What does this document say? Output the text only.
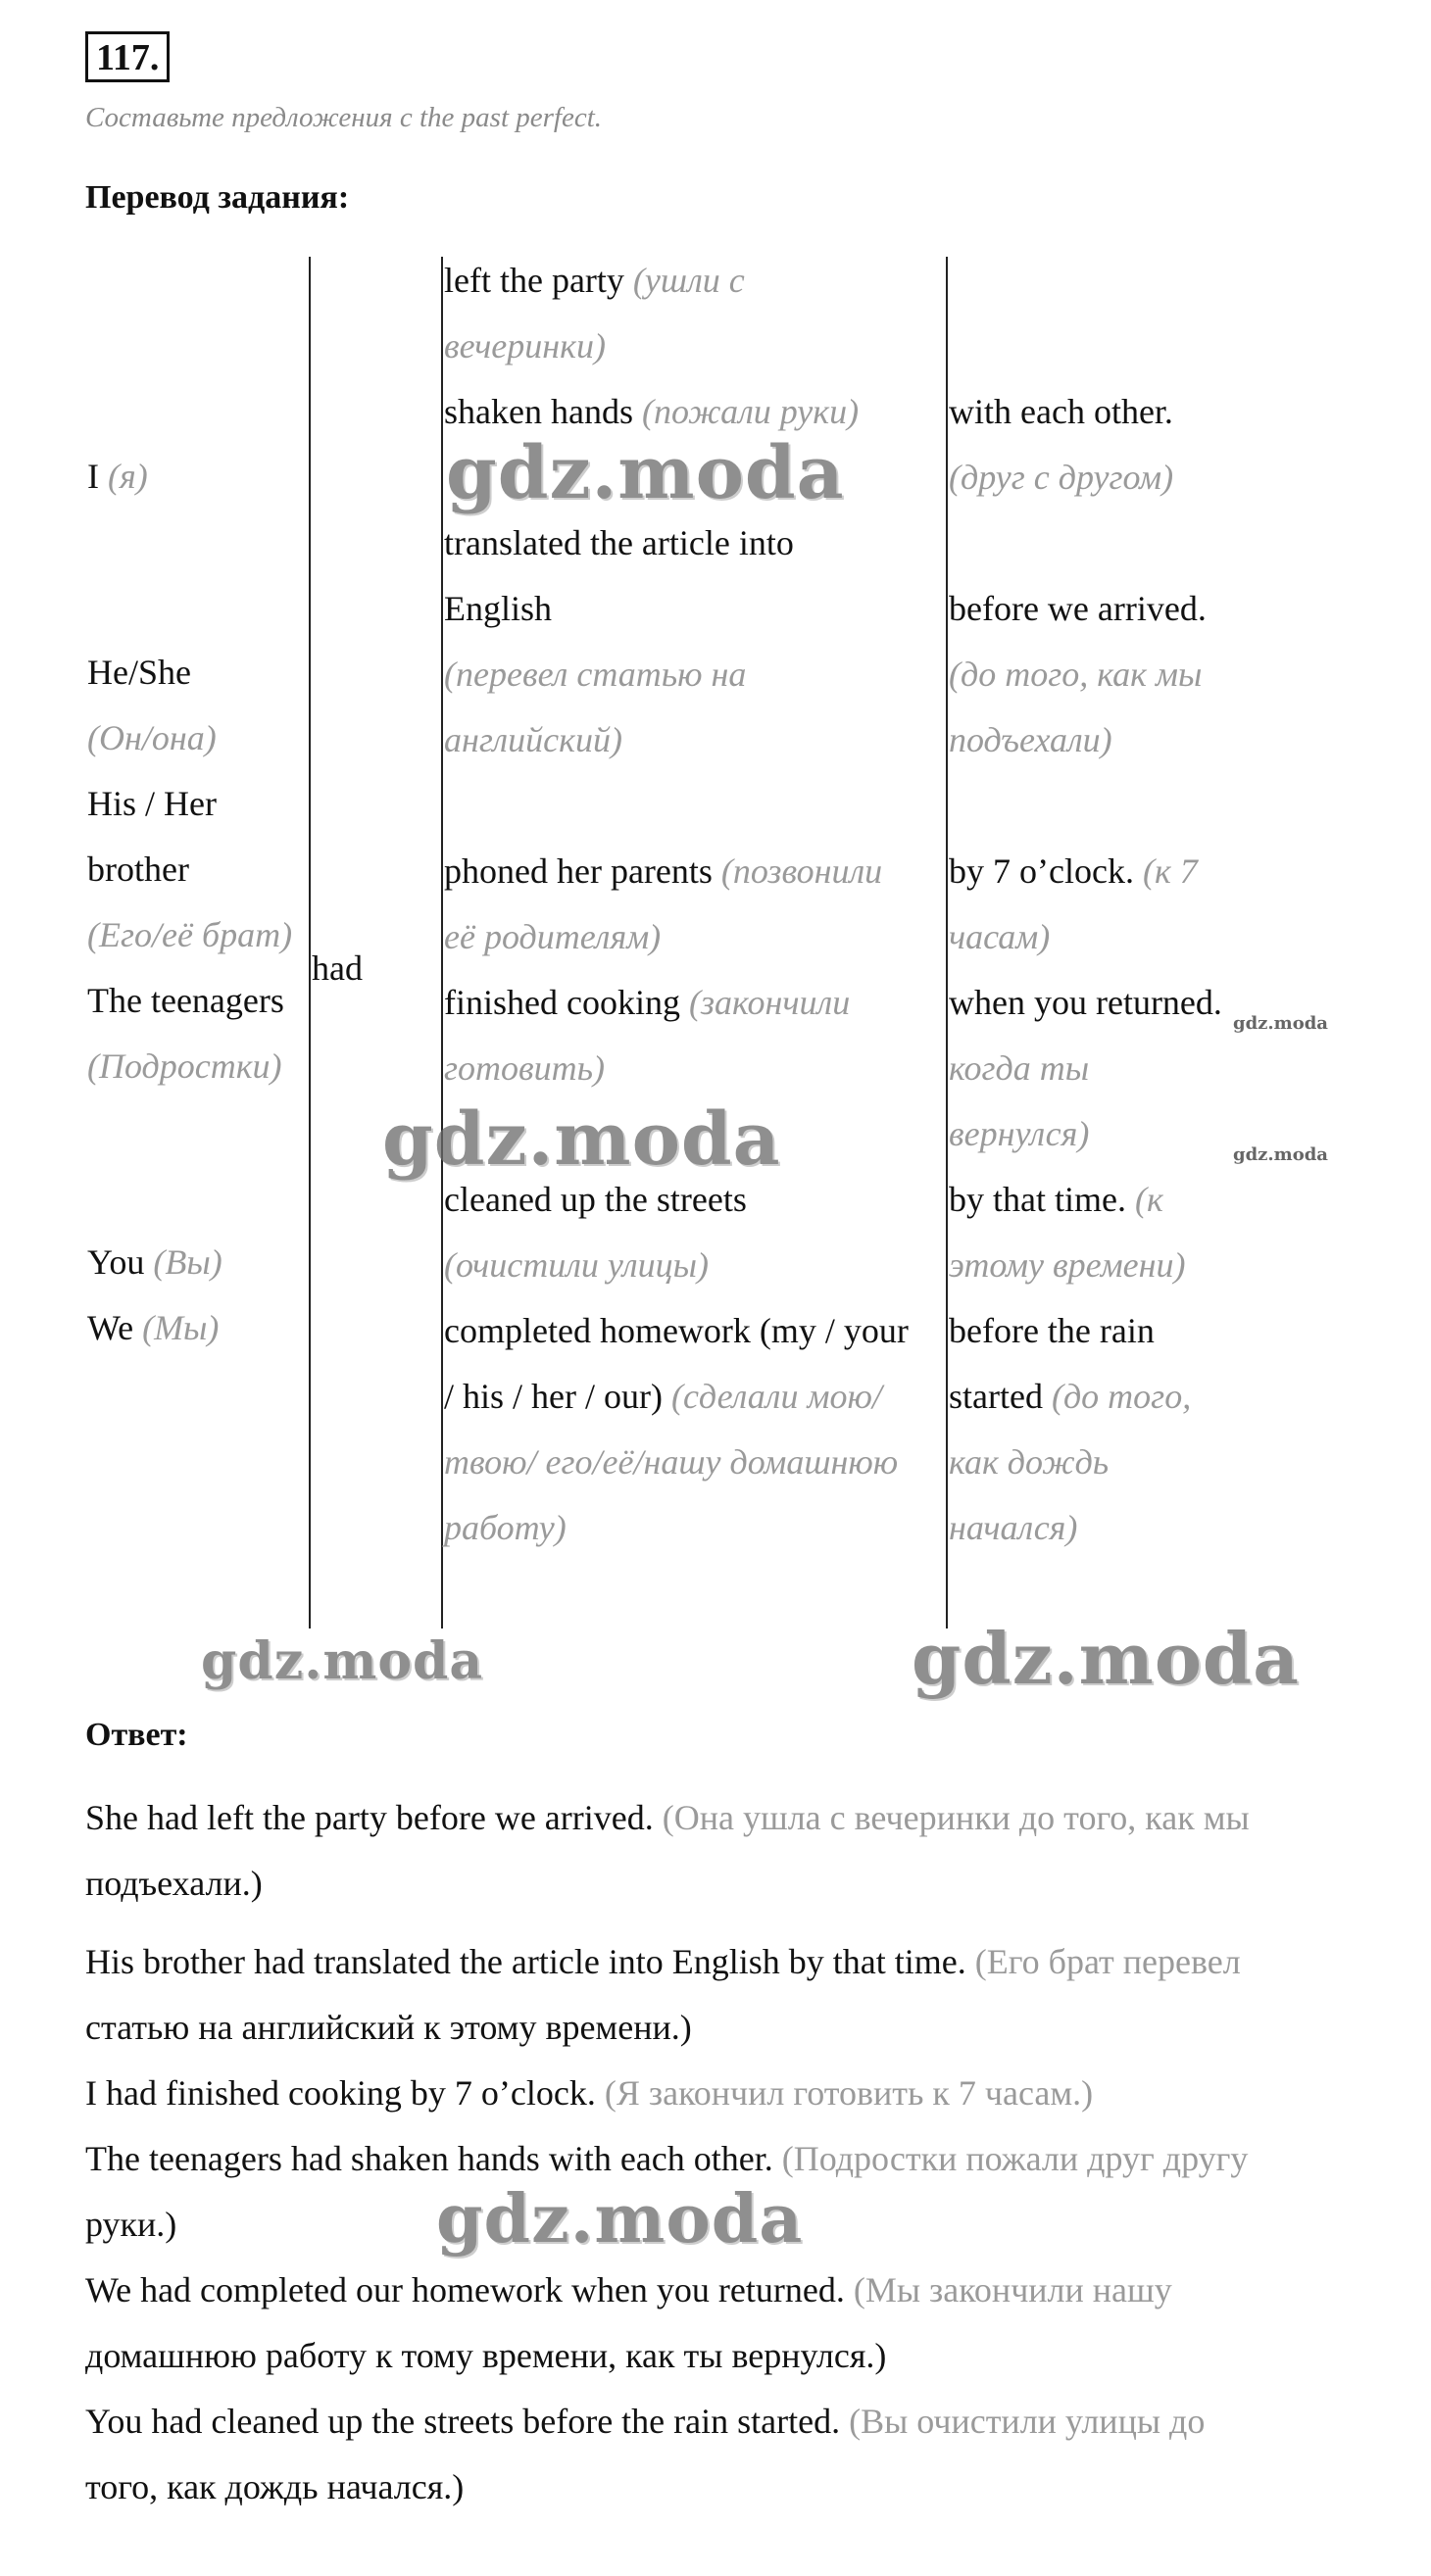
117.
Составьте предложения с the past perfect.
Перевод задания:
I (я)
He/She
(Он/она)
His / Her
brother
(Его/её брат)
The teenagers
(Подростки)
You (Вы)
We (Мы)
had
left the party (ушли с
вечеринки)
shaken hands (пожали руки)
translated the article into
English
(перевел статью на
английский)
phoned her parents (позвонили
её родителям)
finished cooking (закончили
готовить)
cleaned up the streets
(очистили улицы)
completed homework (my / your
/ his / her / our) (сделали мою/
твою/ его/её/нашу домашнюю
работу)
with each other.
(друг с другом)
before we arrived.
(до того, как мы
подъехали)
by 7 o’clock. (к 7
часам)
when you returned.
когда ты
вернулся)
by that time. (к
этому времени)
before the rain
started (до того,
как дождь
начался)
Ответ:
She had left the party before we arrived. (Она ушла с вечеринки до того, как мы
подъехали.)
His brother had translated the article into English by that time. (Его брат перевел
статью на английский к этому времени.)
I had finished cooking by 7 o’clock. (Я закончил готовить к 7 часам.)
The teenagers had shaken hands with each other. (Подростки пожали друг другу
руки.)
We had completed our homework when you returned. (Мы закончили нашу
домашнюю работу к тому времени, как ты вернулся.)
You had cleaned up the streets before the rain started. (Вы очистили улицы до
того, как дождь начался.)
gdz.moda
gdz.moda
gdz.moda	gdz.moda
gdz.moda
gdz.moda
gdz.moda
